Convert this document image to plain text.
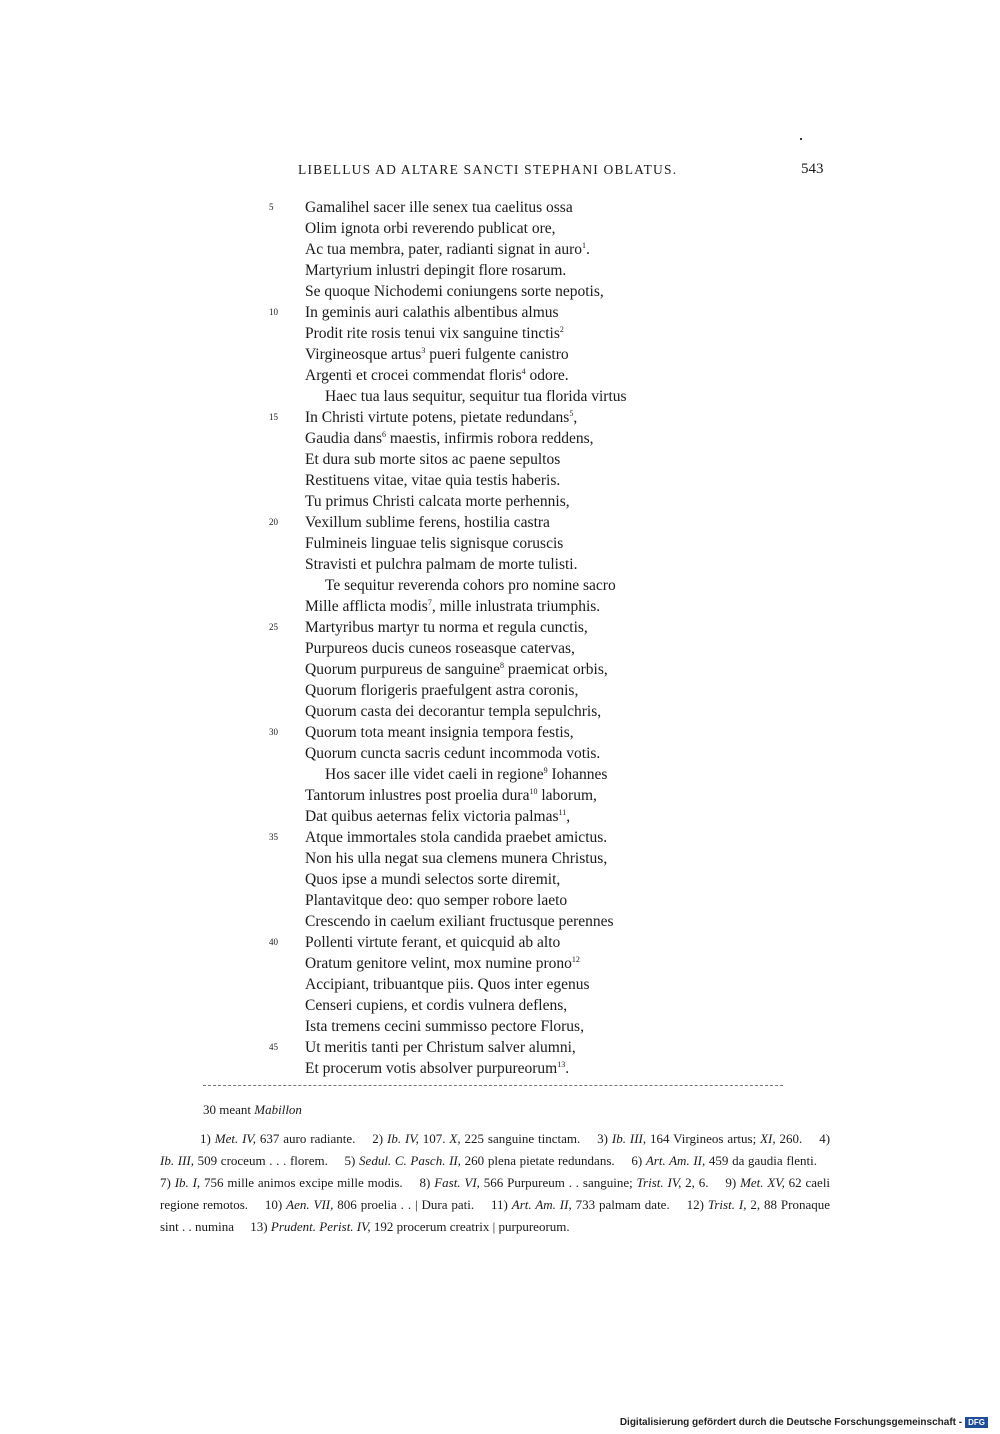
LIBELLUS AD ALTARE SANCTI STEPHANI OBLATUS.	543
5	Gamalihel sacer ille senex tua caelitus ossa
Olim ignota orbi reverendo publicat ore,
Ac tua membra, pater, radianti signat in auro$^1$.
Martyrium inlustri depingit flore rosarum.
Se quoque Nichodemi coniungens sorte nepotis,
10	In geminis auri calathis albentibus almus
Prodit rite rosis tenui vix sanguine tinctis$^2$
Virgineosque artus$^3$ pueri fulgente canistro
Argenti et crocei commendat floris$^4$ odore.
Haec tua laus sequitur, sequitur tua florida virtus
15	In Christi virtute potens, pietate redundans$^5$,
Gaudia dans$^6$ maestis, infirmis robora reddens,
Et dura sub morte sitos ac paene sepultos
Restituens vitae, vitae quia testis haberis.
Tu primus Christi calcata morte perhennis,
20	Vexillum sublime ferens, hostilia castra
Fulmineis linguae telis signisque coruscis
Stravisti et pulchra palmam de morte tulisti.
Te sequitur reverenda cohors pro nomine sacro
Mille afflicta modis$^7$, mille inlustrata triumphis.
25	Martyribus martyr tu norma et regula cunctis,
Purpureos ducis cuneos roseasque catervas,
Quorum purpureus de sanguine$^8$ praemicat orbis,
Quorum florigeris praefulgent astra coronis,
Quorum casta dei decorantur templa sepulchris,
30	Quorum tota meant insignia tempora festis,
Quorum cuncta sacris cedunt incommoda votis.
Hos sacer ille videt caeli in regione$^9$ Iohannes
Tantorum inlustres post proelia dura$^{10}$ laborum,
Dat quibus aeternas felix victoria palmas$^{11}$,
35	Atque immortales stola candida praebet amictus.
Non his ulla negat sua clemens munera Christus,
Quos ipse a mundi selectos sorte diremit,
Plantavitque deo: quo semper robore laeto
Crescendo in caelum exiliant fructusque perennes
40	Pollenti virtute ferant, et quicquid ab alto
Oratum genitore velint, mox numine prono$^{12}$
Accipiant, tribuantque piis. Quos inter egenus
Censeri cupiens, et cordis vulnera deflens,
Ista tremens cecini summisso pectore Florus,
45	Ut meritis tanti per Christum salver alumni,
Et procerum votis absolver purpureorum$^{13}$.
30 meant Mabillon
1) Met. IV, 637 auro radiante.  2) Ib. IV, 107. X, 225 sanguine tinctam.  3) Ib. III, 164 Virgineos artus; XI, 260.  4) Ib. III, 509 croceum . . . florem.  5) Sedul. C. Pasch. II, 260 plena pietate redundans.  6) Art. Am. II, 459 da gaudia flenti.  7) Ib. I, 756 mille animos excipe mille modis.  8) Fast. VI, 566 Purpureum . . sanguine; Trist. IV, 2, 6.  9) Met. XV, 62 caeli regione remotos.  10) Aen. VII, 806 proelia . . | Dura pati.  11) Art. Am. II, 733 palmam date.  12) Trist. I, 2, 88 Pronaque sint . . numina  13) Prudent. Perist. IV, 192 procerum creatrix | purpureorum. 
Digitalisierung gefördert durch die Deutsche Forschungsgemeinschaft - DFG
